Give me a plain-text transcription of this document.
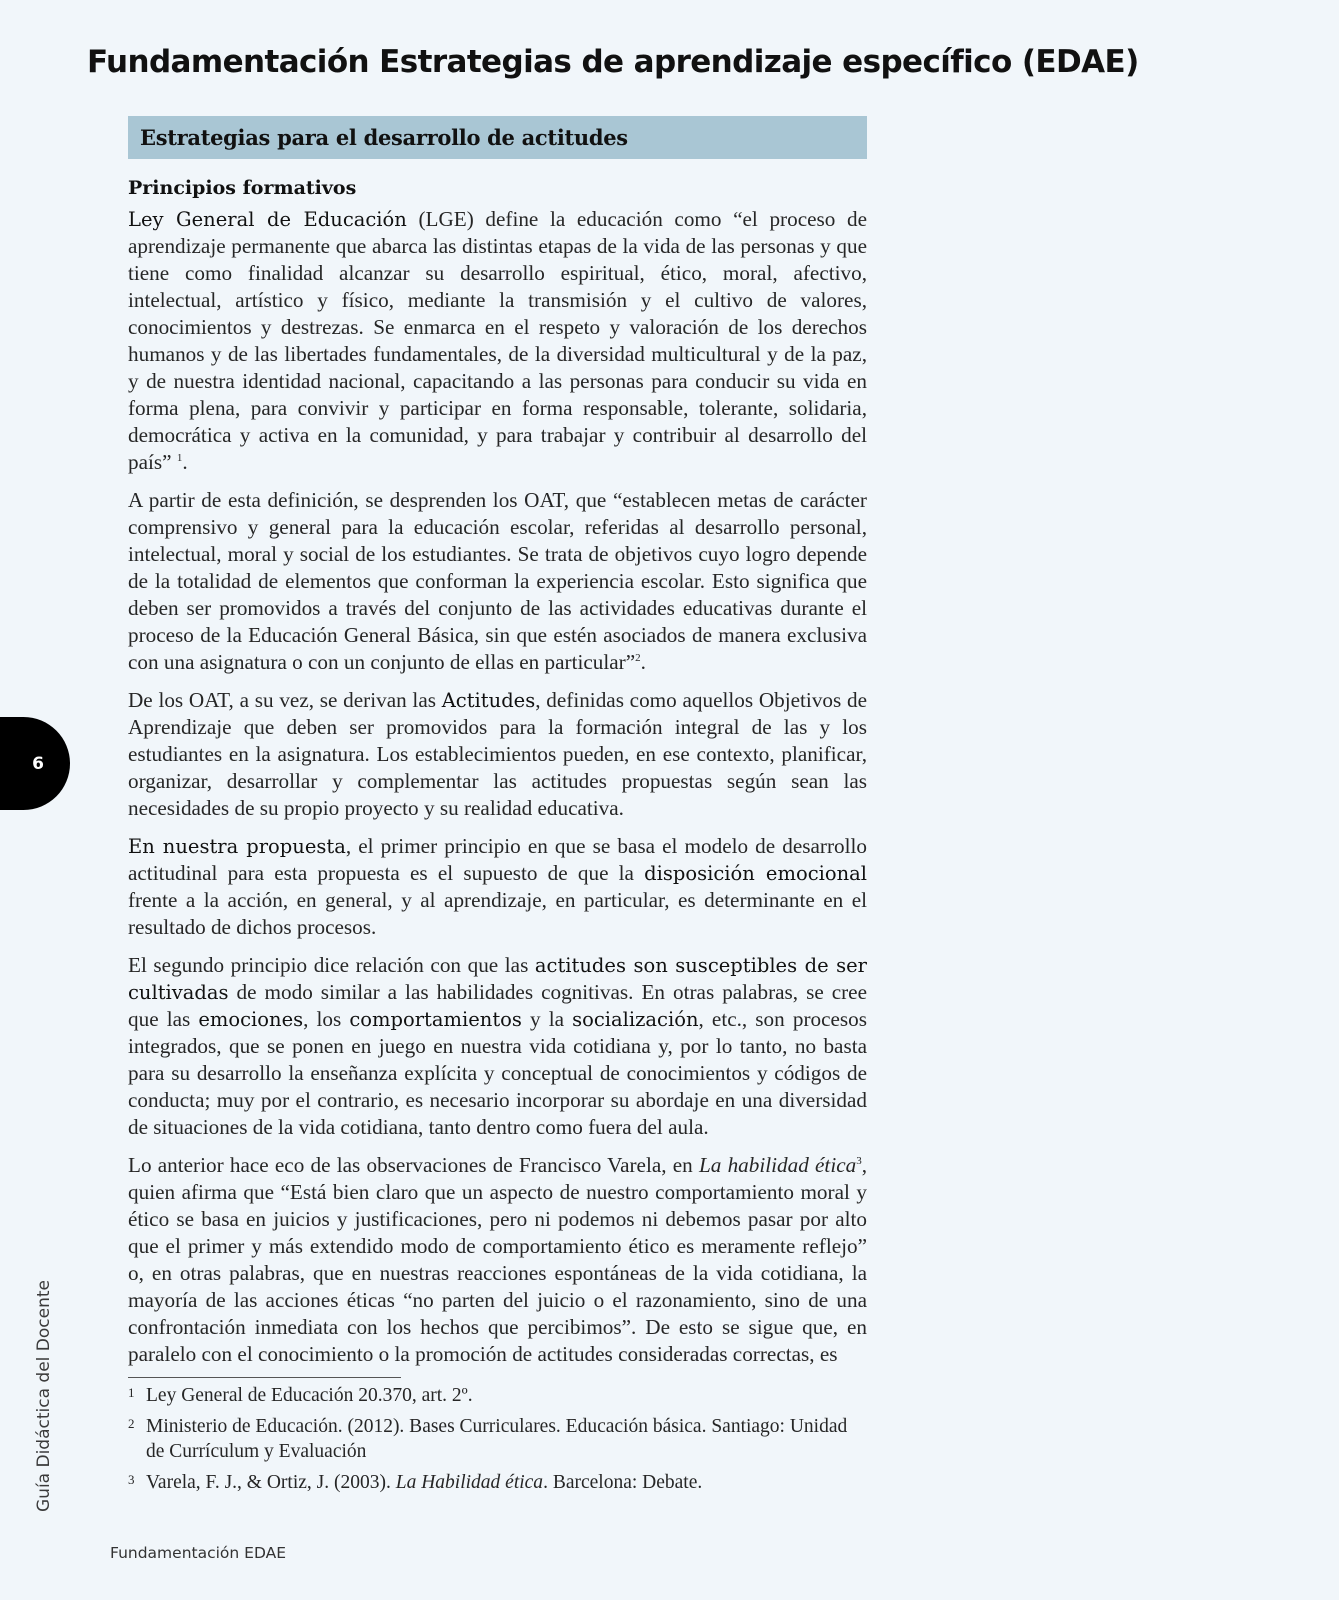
Fundamentación Estrategias de aprendizaje específico (EDAE)
Estrategias para el desarrollo de actitudes
Principios formativos

Ley General de Educación (LGE) define la educación como “el proceso de aprendizaje permanente que abarca las distintas etapas de la vida de las personas y que tiene como finalidad alcanzar su desarrollo espiritual, ético, moral, afectivo, intelectual, artístico y físico, mediante la transmisión y el cultivo de valores, conocimientos y destrezas. Se enmarca en el respeto y valoración de los derechos humanos y de las libertades fundamentales, de la diversidad multicultural y de la paz, y de nuestra identidad nacional, capacitando a las personas para conducir su vida en forma plena, para convivir y participar en forma responsable, tolerante, solidaria, democrática y activa en la comunidad, y para trabajar y contribuir al desarrollo del país” $^1$.

A partir de esta definición, se desprenden los OAT, que “establecen metas de carácter comprensivo y general para la educación escolar, referidas al desarrollo personal, intelectual, moral y social de los estudiantes. Se trata de objetivos cuyo logro depende de la totalidad de elementos que conforman la experiencia escolar. Esto significa que deben ser promovidos a través del conjunto de las actividades educativas durante el proceso de la Educación General Básica, sin que estén asociados de manera exclusiva con una asignatura o con un conjunto de ellas en particular”$^2$.

De los OAT, a su vez, se derivan las Actitudes, definidas como aquellos Objetivos de Aprendizaje que deben ser promovidos para la formación integral de las y los estudiantes en la asignatura. Los establecimientos pueden, en ese contexto, planificar, organizar, desarrollar y complementar las actitudes propuestas según sean las necesidades de su propio proyecto y su realidad educativa.

En nuestra propuesta, el primer principio en que se basa el modelo de desarrollo actitudinal para esta propuesta es el supuesto de que la disposición emocional frente a la acción, en general, y al aprendizaje, en particular, es determinante en el resultado de dichos procesos.

El segundo principio dice relación con que las actitudes son susceptibles de ser cultivadas de modo similar a las habilidades cognitivas. En otras palabras, se cree que las emociones, los comportamientos y la socialización, etc., son procesos integrados, que se ponen en juego en nuestra vida cotidiana y, por lo tanto, no basta para su desarrollo la enseñanza explícita y conceptual de conocimientos y códigos de conducta; muy por el contrario, es necesario incorporar su abordaje en una diversidad de situaciones de la vida cotidiana, tanto dentro como fuera del aula.

Lo anterior hace eco de las observaciones de Francisco Varela, en La habilidad ética$^3$, quien afirma que “Está bien claro que un aspecto de nuestro comportamiento moral y ético se basa en juicios y justificaciones, pero ni podemos ni debemos pasar por alto que el primer y más extendido modo de comportamiento ético es meramente reflejo” o, en otras palabras, que en nuestras reacciones espontáneas de la vida cotidiana, la mayoría de las acciones éticas “no parten del juicio o el razonamiento, sino de una confrontación inmediata con los hechos que percibimos”. De esto se sigue que, en paralelo con el conocimiento o la promoción de actitudes consideradas correctas, es

1 Ley General de Educación 20.370, art. 2º.
2 Ministerio de Educación. (2012). Bases Curriculares. Educación básica. Santiago: Unidad de Currículum y Evaluación
3 Varela, F. J., & Ortiz, J. (2003). La Habilidad ética. Barcelona: Debate.
6
Guía Didáctica del Docente
Fundamentación EDAE
